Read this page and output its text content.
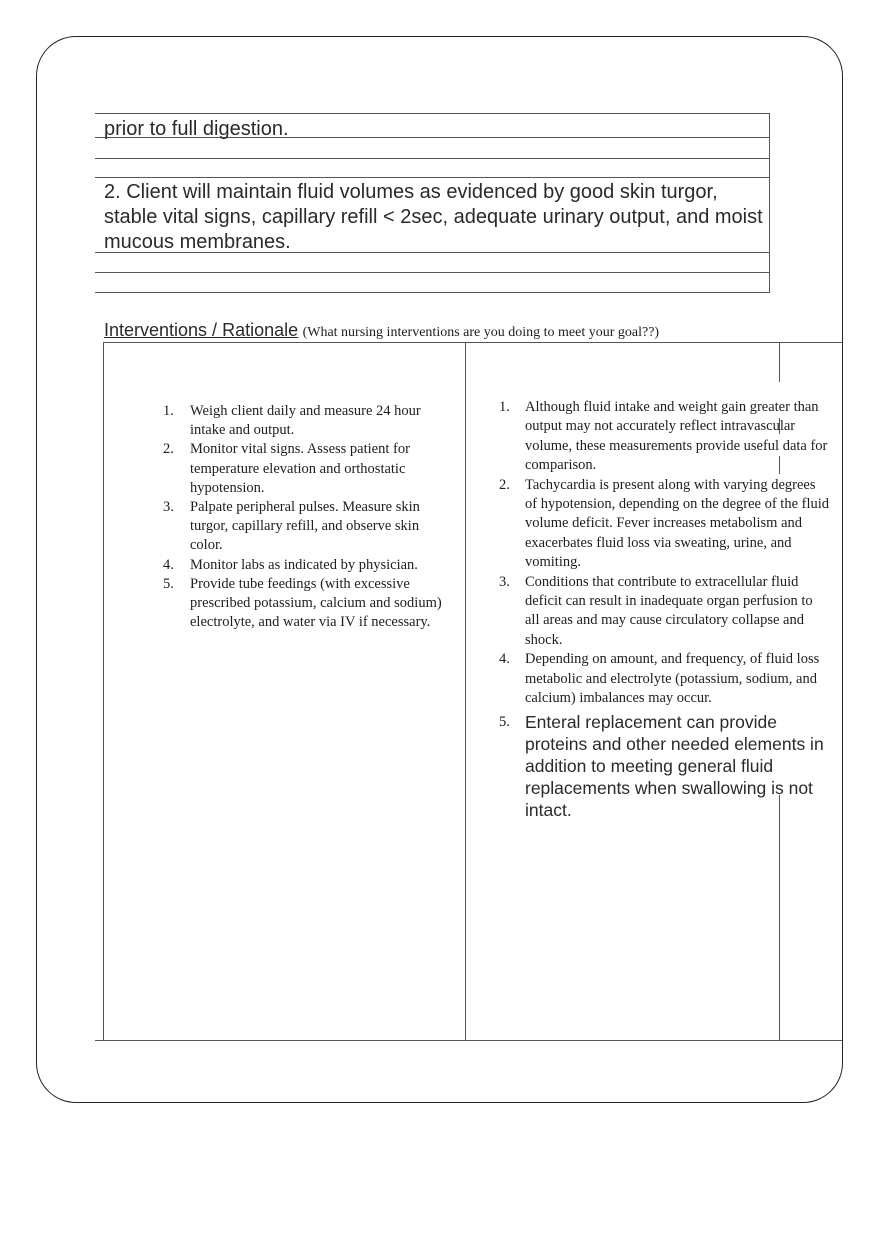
prior to full digestion.

2. Client will maintain fluid volumes as evidenced by good skin turgor, stable vital signs, capillary refill < 2sec, adequate urinary output, and moist mucous membranes.

Interventions / Rationale (What nursing interventions are you doing to meet your goal??)
1. Weigh client daily and measure 24 hour intake and output.
2. Monitor vital signs. Assess patient for temperature elevation and orthostatic hypotension.
3. Palpate peripheral pulses. Measure skin turgor, capillary refill, and observe skin color.
4. Monitor labs as indicated by physician.
5. Provide tube feedings (with excessive prescribed potassium, calcium and sodium) electrolyte, and water via IV if necessary.
1. Although fluid intake and weight gain greater than output may not accurately reflect intravascular volume, these measurements provide useful data for comparison.
2. Tachycardia is present along with varying degrees of hypotension, depending on the degree of the fluid volume deficit. Fever increases metabolism and exacerbates fluid loss via sweating, urine, and vomiting.
3. Conditions that contribute to extracellular fluid deficit can result in inadequate organ perfusion to all areas and may cause circulatory collapse and shock.
4. Depending on amount, and frequency, of fluid loss metabolic and electrolyte (potassium, sodium, and calcium) imbalances may occur.
5. Enteral replacement can provide proteins and other needed elements in addition to meeting general fluid replacements when swallowing is not intact.
